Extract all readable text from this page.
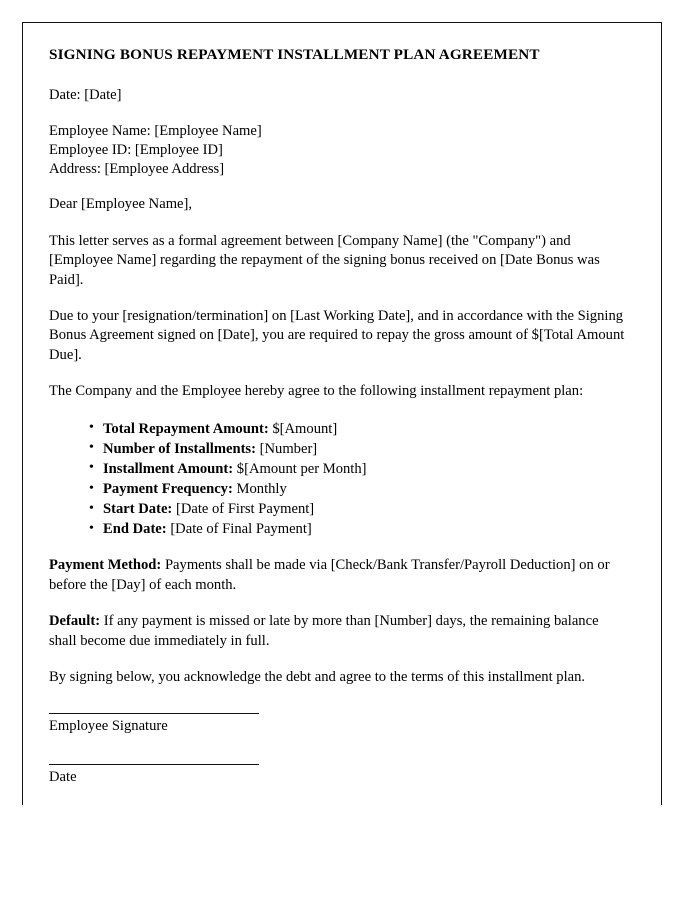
SIGNING BONUS REPAYMENT INSTALLMENT PLAN AGREEMENT

Date: [Date]

Employee Name: [Employee Name]
Employee ID: [Employee ID]
Address: [Employee Address]

Dear [Employee Name],

This letter serves as a formal agreement between [Company Name] (the "Company") and [Employee Name] regarding the repayment of the signing bonus received on [Date Bonus was Paid].

Due to your [resignation/termination] on [Last Working Date], and in accordance with the Signing Bonus Agreement signed on [Date], you are required to repay the gross amount of $[Total Amount Due].

The Company and the Employee hereby agree to the following installment repayment plan:

• Total Repayment Amount: $[Amount]
• Number of Installments: [Number]
• Installment Amount: $[Amount per Month]
• Payment Frequency: Monthly
• Start Date: [Date of First Payment]
• End Date: [Date of Final Payment]

Payment Method: Payments shall be made via [Check/Bank Transfer/Payroll Deduction] on or before the [Day] of each month.

Default: If any payment is missed or late by more than [Number] days, the remaining balance shall become due immediately in full.

By signing below, you acknowledge the debt and agree to the terms of this installment plan.

Employee Signature
Date
